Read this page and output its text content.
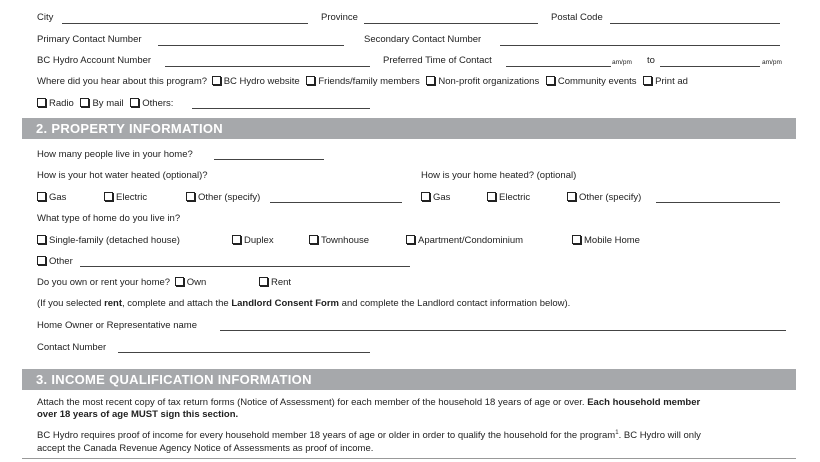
City	Province	Postal Code
Primary Contact Number	Secondary Contact Number
BC Hydro Account Number	Preferred Time of Contact	am/pm to	am/pm
Where did you hear about this program? BC Hydro website Friends/family members Non-profit organizations Community events Print ad
Radio By mail Others:
2. PROPERTY INFORMATION
How many people live in your home?
How is your hot water heated (optional)?	How is your home heated? (optional)
Gas	Electric	Other (specify)	Gas	Electric	Other (specify)
What type of home do you live in?
Single-family (detached house)	Duplex	Townhouse	Apartment/Condominium	Mobile Home
Other
Do you own or rent your home? Own	Rent
(If you selected rent, complete and attach the Landlord Consent Form and complete the Landlord contact information below).
Home Owner or Representative name
Contact Number
3. INCOME QUALIFICATION INFORMATION
Attach the most recent copy of tax return forms (Notice of Assessment) for each member of the household 18 years of age or over. Each household member
over 18 years of age MUST sign this section.
BC Hydro requires proof of income for every household member 18 years of age or older in order to qualify the household for the program$^1$. BC Hydro will only
accept the Canada Revenue Agency Notice of Assessments as proof of income.
